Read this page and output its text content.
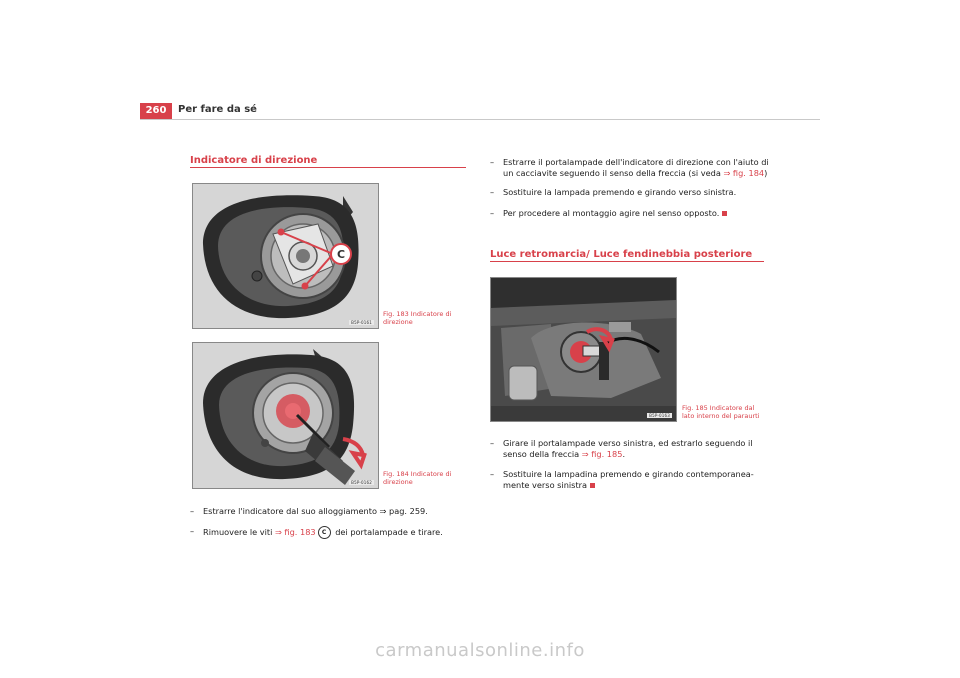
260	Per fare da sé
Indicatore di direzione
C
B5P-0161
Fig. 183 Indicatore di
direzione
B5P-0162
Fig. 184 Indicatore di
direzione
–	Estrarre l'indicatore dal suo alloggiamento ⇒ pag. 259.
–	Rimuovere le viti ⇒ fig. 183 C dei portalampade e tirare.
– Estrarre il portalampade dell'indicatore di direzione con l'aiuto di
un cacciavite seguendo il senso della freccia (si veda ⇒ fig. 184)
–	Sostituire la lampada premendo e girando verso sinistra.
–	Per procedere al montaggio agire nel senso opposto.
Luce retromarcia/ Luce fendinebbia posteriore
B5P-0163
Fig. 185 Indicatore dal
lato interno del paraurti
– Girare il portalampade verso sinistra, ed estrarlo seguendo il
senso della freccia ⇒ fig. 185.
– Sostituire la lampadina premendo e girando contemporanea-
mente verso sinistra
carmanualsonline.info
